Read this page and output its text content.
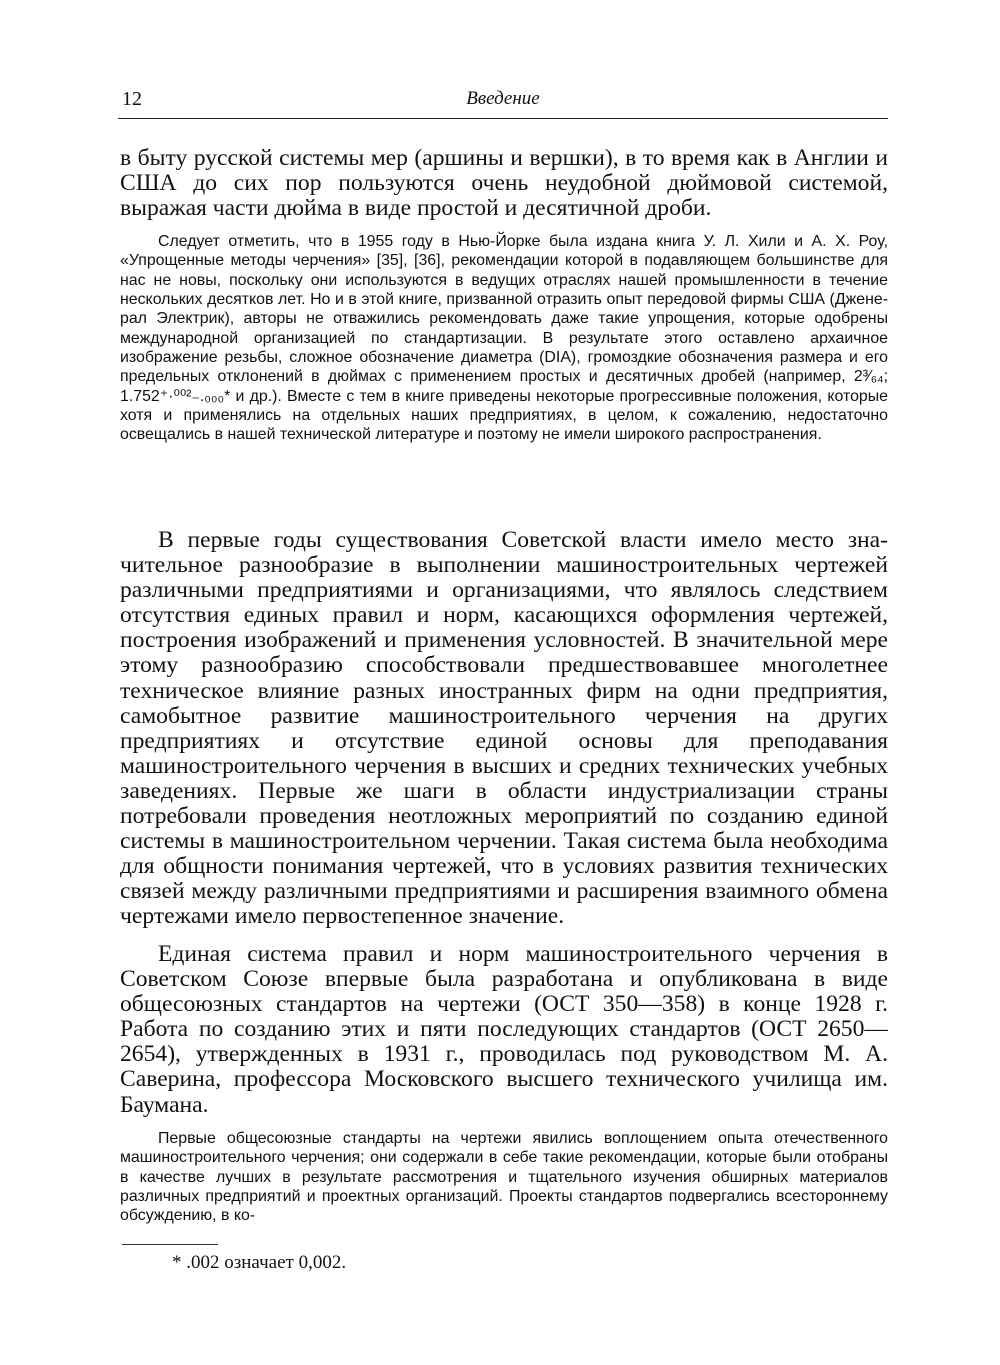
12	Введение

в быту русской системы мер (аршины и вершки), в то время как в Англии и США до сих пор пользуются очень неудобной дюймовой системой, выражая части дюйма в виде простой и десятичной дроби.

Следует отметить, что в 1955 году в Нью-Йорке была издана книга У. Л. Хили и А. Х. Роу, «Упрощенные методы черчения» [35], [36], рекомендации которой в подавляющем большинстве для нас не новы, поскольку они используются в ведущих отраслях нашей промышленности в течение нескольких десятков лет. Но и в этой книге, призванной отразить опыт передовой фирмы США (Дженерал Электрик), авторы не отважились рекомендовать даже такие упрощения, которые одобрены международной организацией по стандартизации. В результате этого оставлено архаичное изображение резьбы, сложное обозначение диаметра (DIA), громоздкие обозначения размера и его предельных отклонений в дюймах с применением простых и десятичных дробей (например, 2³⁄₆₄; 1.752⁺·⁰⁰²₋.₀₀₀* и др.). Вместе с тем в книге приведены некоторые прогрессивные положения, которые хотя и применялись на отдельных наших предприятиях, в целом, к сожалению, недостаточно освещались в нашей технической литературе и поэтому не имели широкого распространения.

В первые годы существования Советской власти имело место значительное разнообразие в выполнении машиностроительных чертежей различными предприятиями и организациями, что являлось следствием отсутствия единых правил и норм, касающихся оформления чертежей, построения изображений и применения условностей. В значительной мере этому разнообразию способствовали предшествовавшее многолетнее техническое влияние разных иностранных фирм на одни предприятия, самобытное развитие машиностроительного черчения на других предприятиях и отсутствие единой основы для преподавания машиностроительного черчения в высших и средних технических учебных заведениях. Первые же шаги в области индустриализации страны потребовали проведения неотложных мероприятий по созданию единой системы в машиностроительном черчении. Такая система была необходима для общности понимания чертежей, что в условиях развития технических связей между различными предприятиями и расширения взаимного обмена чертежами имело первостепенное значение.

Единая система правил и норм машиностроительного черчения в Советском Союзе впервые была разработана и опубликована в виде общесоюзных стандартов на чертежи (ОСТ 350—358) в конце 1928 г. Работа по созданию этих и пяти последующих стандартов (ОСТ 2650—2654), утвержденных в 1931 г., проводилась под руководством М. А. Саверина, профессора Московского высшего технического училища им. Баумана.

Первые общесоюзные стандарты на чертежи явились воплощением опыта отечественного машиностроительного черчения; они содержали в себе такие рекомендации, которые были отобраны в качестве лучших в результате рассмотрения и тщательного изучения обширных материалов различных предприятий и проектных организаций. Проекты стандартов подвергались всестороннему обсуждению, в ко-

* .002 означает 0,002.
